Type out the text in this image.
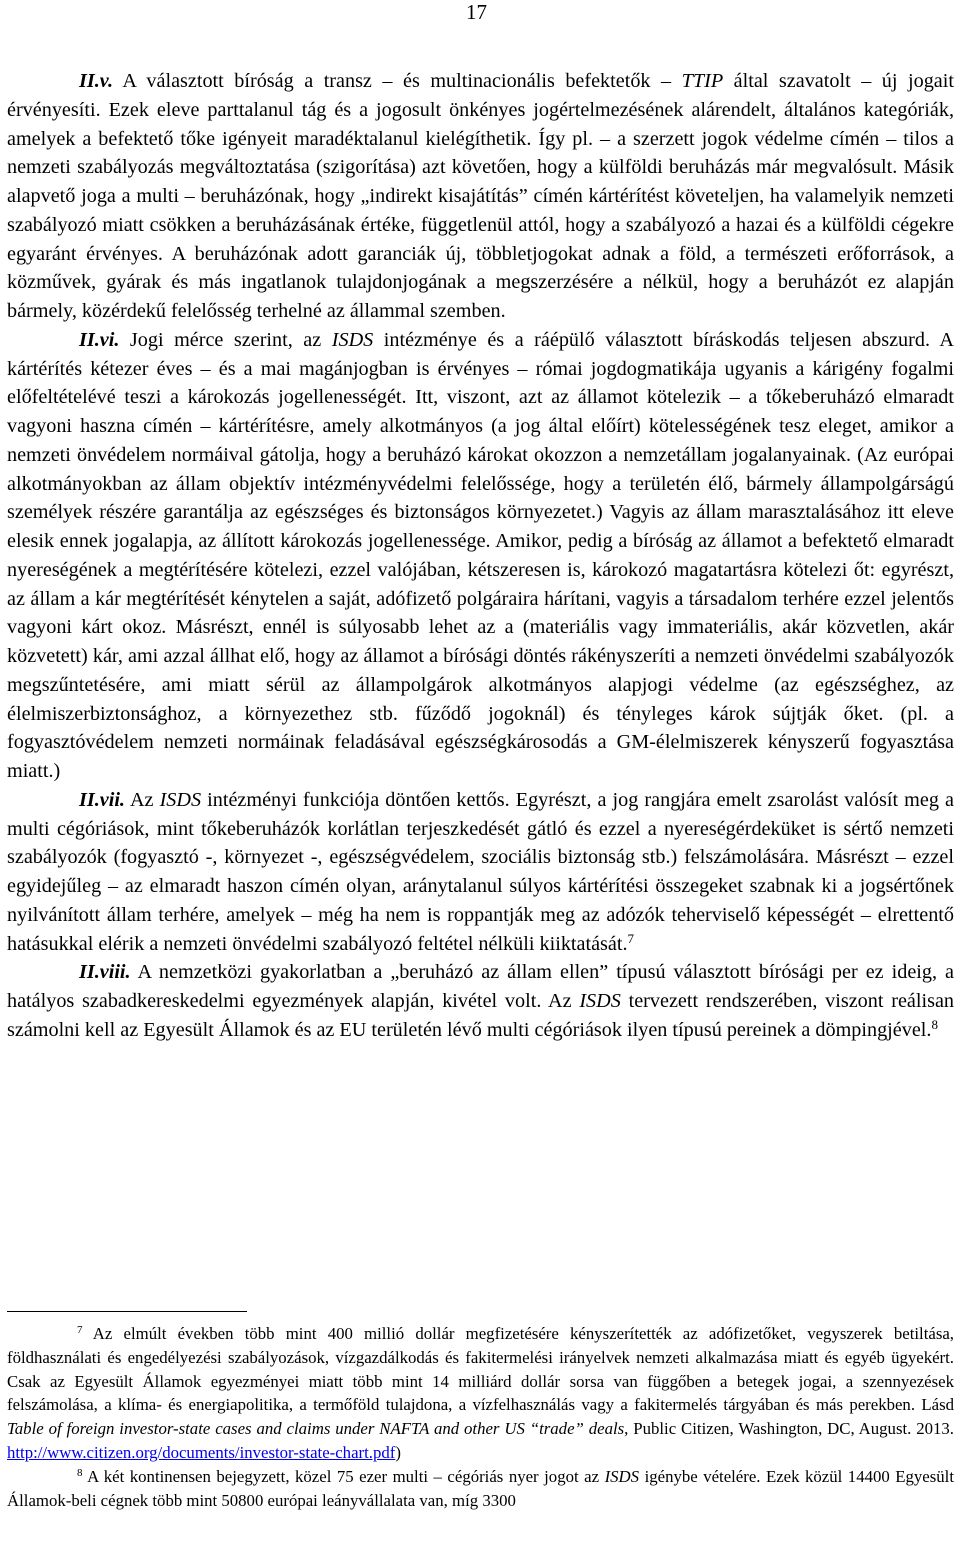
17

II.v. A választott bíróság a transz – és multinacionális befektetők – TTIP által szavatolt – új jogait érvényesíti. Ezek eleve parttalanul tág és a jogosult önkényes jogértelmezésének alárendelt, általános kategóriák, amelyek a befektető tőke igényeit maradéktalanul kielégíthetik. Így pl. – a szerzett jogok védelme címén – tilos a nemzeti szabályozás megváltoztatása (szigorítása) azt követően, hogy a külföldi beruházás már megvalósult. Másik alapvető joga a multi – beruházónak, hogy „indirekt kisajátítás” címén kártérítést követeljen, ha valamelyik nemzeti szabályozó miatt csökken a beruházásának értéke, függetlenül attól, hogy a szabályozó a hazai és a külföldi cégekre egyaránt érvényes. A beruházónak adott garanciák új, többletjogokat adnak a föld, a természeti erőforrások, a közművek, gyárak és más ingatlanok tulajdonjogának a megszerzésére a nélkül, hogy a beruházót ez alapján bármely, közérdekű felelősség terhelné az állammal szemben.

II.vi. Jogi mérce szerint, az ISDS intézménye és a ráépülő választott bíráskodás teljesen abszurd. A kártérítés kétezer éves – és a mai magánjogban is érvényes – római jogdogmatikája ugyanis a kárigény fogalmi előfeltételévé teszi a károkozás jogellenességét. Itt, viszont, azt az államot kötelezik – a tőkeberuházó elmaradt vagyoni haszna címén – kártérítésre, amely alkotmányos (a jog által előírt) kötelességének tesz eleget, amikor a nemzeti önvédelem normáival gátolja, hogy a beruházó károkat okozzon a nemzetállam jogalanyainak. (Az európai alkotmányokban az állam objektív intézményvédelmi felelőssége, hogy a területén élő, bármely állampolgárságú személyek részére garantálja az egészséges és biztonságos környezetet.) Vagyis az állam marasztalásához itt eleve elesik ennek jogalapja, az állított károkozás jogellenessége. Amikor, pedig a bíróság az államot a befektető elmaradt nyereségének a megtérítésére kötelezi, ezzel valójában, kétszeresen is, károkozó magatartásra kötelezi őt: egyrészt, az állam a kár megtérítését kénytelen a saját, adófizető polgáraira hárítani, vagyis a társadalom terhére ezzel jelentős vagyoni kárt okoz. Másrészt, ennél is súlyosabb lehet az a (materiális vagy immateriális, akár közvetlen, akár közvetett) kár, ami azzal állhat elő, hogy az államot a bírósági döntés rákényszeríti a nemzeti önvédelmi szabályozók megszűntetésére, ami miatt sérül az állampolgárok alkotmányos alapjogi védelme (az egészséghez, az élelmiszerbiztonsághoz, a környezethez stb. fűződő jogoknál) és tényleges károk sújtják őket. (pl. a fogyasztóvédelem nemzeti normáinak feladásával egészségkárosodás a GM-élelmiszerek kényszerű fogyasztása miatt.)

II.vii. Az ISDS intézményi funkciója döntően kettős. Egyrészt, a jog rangjára emelt zsarolást valósít meg a multi cégóriások, mint tőkeberuházók korlátlan terjeszkedését gátló és ezzel a nyereségérdeküket is sértő nemzeti szabályozók (fogyasztó -, környezet -, egészségvédelem, szociális biztonság stb.) felszámolására. Másrészt – ezzel egyidejűleg – az elmaradt haszon címén olyan, aránytalanul súlyos kártérítési összegeket szabnak ki a jogsértőnek nyilvánított állam terhére, amelyek – még ha nem is roppantják meg az adózók teherviselő képességét – elrettentő hatásukkal elérik a nemzeti önvédelmi szabályozó feltétel nélküli kiiktatását.$^7$

II.viii. A nemzetközi gyakorlatban a „beruházó az állam ellen” típusú választott bírósági per ez ideig, a hatályos szabadkereskedelmi egyezmények alapján, kivétel volt. Az ISDS tervezett rendszerében, viszont reálisan számolni kell az Egyesült Államok és az EU területén lévő multi cégóriások ilyen típusú pereinek a dömpingjével.$^8$

$^7$ Az elmúlt években több mint 400 millió dollár megfizetésére kényszerítették az adófizetőket, vegyszerek betiltása, földhasználati és engedélyezési szabályozások, vízgazdálkodás és fakitermelési irányelvek nemzeti alkalmazása miatt és egyéb ügyekért. Csak az Egyesült Államok egyezményei miatt több mint 14 milliárd dollár sorsa van függőben a betegek jogai, a szennyezések felszámolása, a klíma- és energiapolitika, a termőföld tulajdona, a vízfelhasználás vagy a fakitermelés tárgyában és más perekben. Lásd Table of foreign investor-state cases and claims under NAFTA and other US “trade” deals, Public Citizen, Washington, DC, August. 2013. http://www.citizen.org/documents/investor-state-chart.pdf)

$^8$ A két kontinensen bejegyzett, közel 75 ezer multi – cégóriás nyer jogot az ISDS igénybe vételére. Ezek közül 14400 Egyesült Államok-beli cégnek több mint 50800 európai leányvállalata van, míg 3300
